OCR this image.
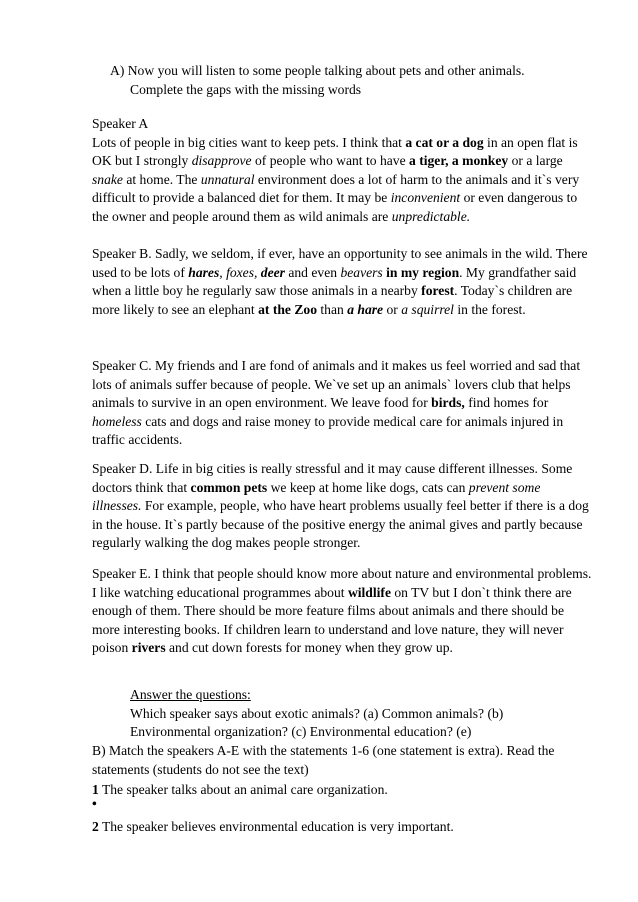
A) Now you will listen to some people talking about pets and other animals.

Complete the gaps with the missing words

Speaker A

Lots of people in big cities want to keep pets. I think that a cat or a dog in an open flat is OK but I strongly disapprove of people who want to have a tiger, a monkey or a large snake at home. The unnatural environment does a lot of harm to the animals and it`s very difficult to provide a balanced diet for them. It may be inconvenient or even dangerous to the owner and people around them as wild animals are unpredictable.

Speaker B. Sadly, we seldom, if ever, have an opportunity to see animals in the wild. There used to be lots of hares, foxes, deer and even beavers in my region. My grandfather said when a little boy he regularly saw those animals in a nearby forest. Today`s children are more likely to see an elephant at the Zoo than a hare or a squirrel in the forest.

Speaker C. My friends and I are fond of animals and it makes us feel worried and sad that lots of animals suffer because of people. We`ve set up an animals` lovers club that helps animals to survive in an open environment. We leave food for birds, find homes for homeless cats and dogs and raise money to provide medical care for animals injured in traffic accidents.

Speaker D. Life in big cities is really stressful and it may cause different illnesses. Some doctors think that common pets we keep at home like dogs, cats can prevent some illnesses. For example, people, who have heart problems usually feel better if there is a dog in the house. It`s partly because of the positive energy the animal gives and partly because regularly walking the dog makes people stronger.

Speaker E. I think that people should know more about nature and environmental problems. I like watching educational programmes about wildlife on TV but I don`t think there are enough of them. There should be more feature films about animals and there should be more interesting books. If children learn to understand and love nature, they will never poison rivers and cut down forests for money when they grow up.

Answer the questions:

Which speaker says about exotic animals? (a) Common animals? (b)

Environmental organization? (c) Environmental education? (e)

B) Match the speakers A-E with the statements 1-6 (one statement is extra). Read the statements (students do not see the text)

1 The speaker talks about an animal care organization.

•

2 The speaker believes environmental education is very important.
